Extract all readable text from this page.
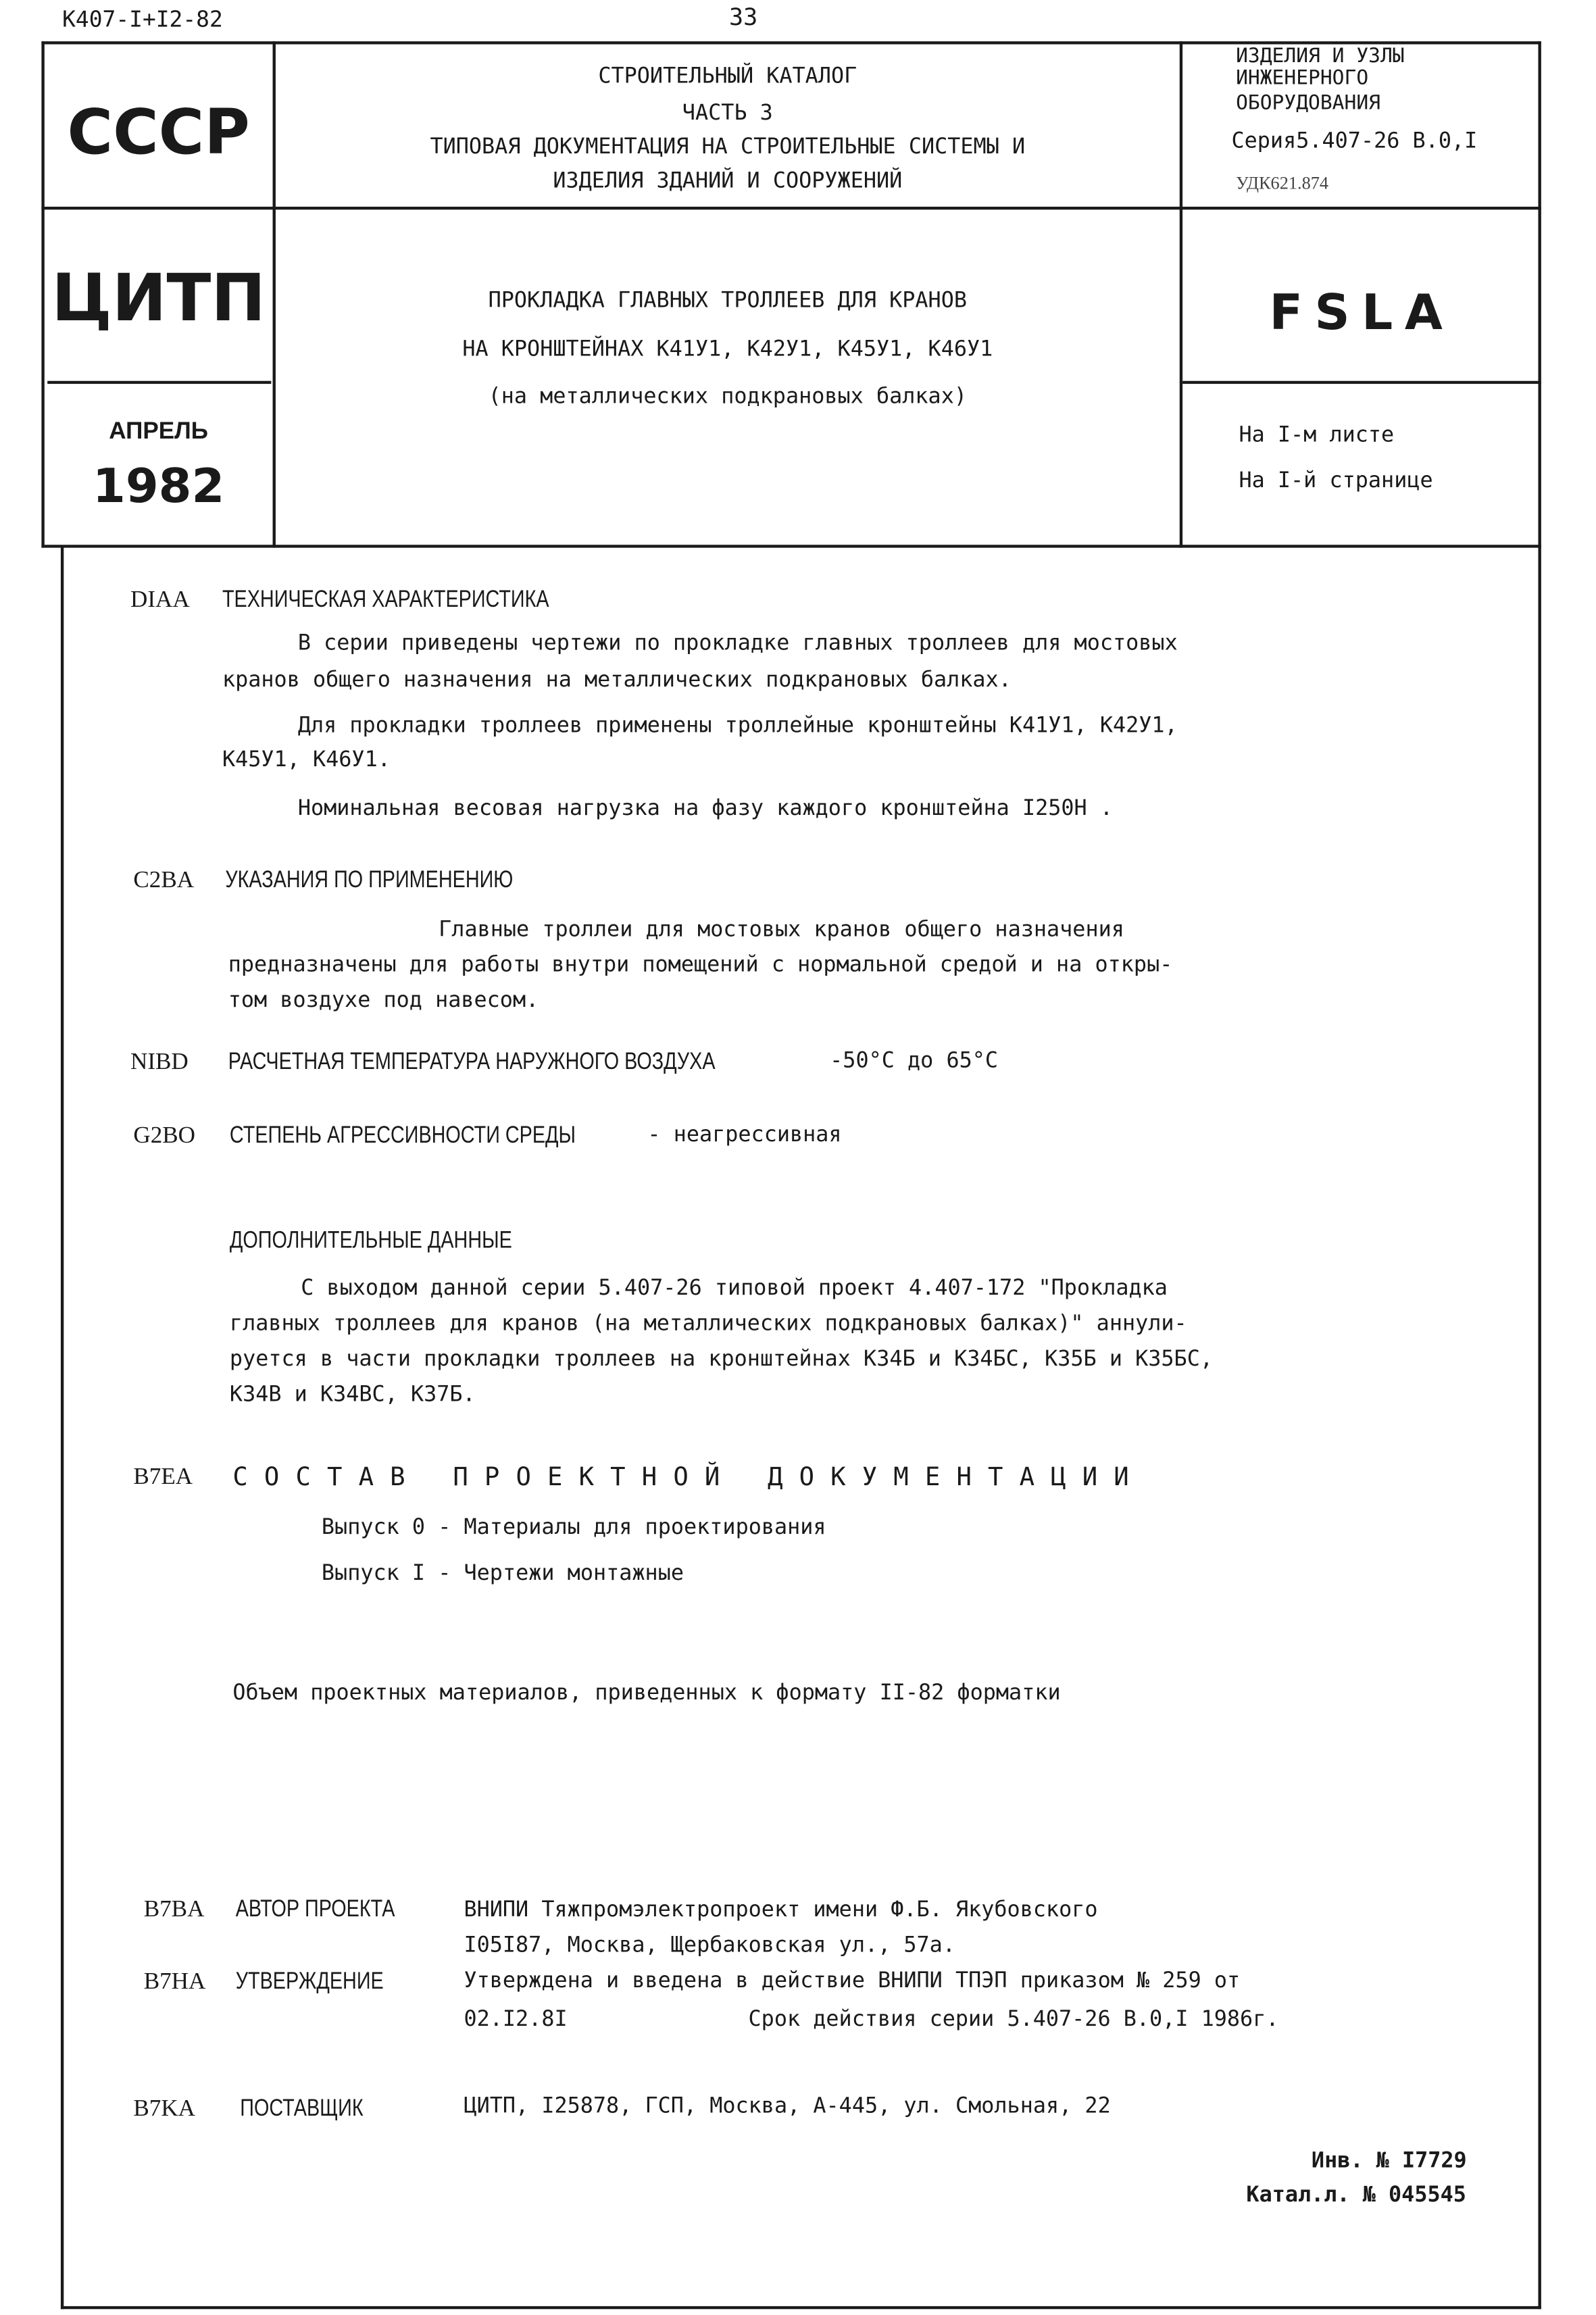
К407-I+I2-82	33
СССР
ЦИТП
АПРЕЛЬ
1982
СТРОИТЕЛЬНЫЙ КАТАЛОГ
ЧАСТЬ 3
ТИПОВАЯ ДОКУМЕНТАЦИЯ НА СТРОИТЕЛЬНЫЕ СИСТЕМЫ И
ИЗДЕЛИЯ ЗДАНИЙ И СООРУЖЕНИЙ
ПРОКЛАДКА ГЛАВНЫХ ТРОЛЛЕЕВ ДЛЯ КРАНОВ
НА КРОНШТЕЙНАХ К41У1, К42У1, К45У1, К46У1
(на металлических подкрановых балках)
ИЗДЕЛИЯ И УЗЛЫ
ИНЖЕНЕРНОГО
ОБОРУДОВАНИЯ
Серия5.407-26 В.0,I
УДК621.874
FSLA
На I-м листе
На I-й странице
DIAA	ТЕХНИЧЕСКАЯ ХАРАКТЕРИСТИКА
В серии приведены чертежи по прокладке главных троллеев для мостовых
кранов общего назначения на металлических подкрановых балках.
Для прокладки троллеев применены троллейные кронштейны К41У1, К42У1,
К45У1, К46У1.
Номинальная весовая нагрузка на фазу каждого кронштейна I250Н .
C2BA	УКАЗАНИЯ ПО ПРИМЕНЕНИЮ
Главные троллеи для мостовых кранов общего назначения
предназначены для работы внутри помещений с нормальной средой и на откры-
том воздухе под навесом.
NIBD	РАСЧЕТНАЯ ТЕМПЕРАТУРА НАРУЖНОГО ВОЗДУХА	-50°С до 65°С
G2BO	СТЕПЕНЬ АГРЕССИВНОСТИ СРЕДЫ	- неагрессивная
ДОПОЛНИТЕЛЬНЫЕ ДАННЫЕ
С выходом данной серии 5.407-26 типовой проект 4.407-172 "Прокладка
главных троллеев для кранов (на металлических подкрановых балках)" аннули-
руется в части прокладки троллеев на кронштейнах К34Б и К34БС, К35Б и К35БС,
К34В и К34ВС, К37Б.
B7EA	СОСТАВ ПРОЕКТНОЙ ДОКУМЕНТАЦИИ
Выпуск 0 - Материалы для проектирования
Выпуск I - Чертежи монтажные
Объем проектных материалов, приведенных к формату II-82 форматки
B7BA	АВТОР ПРОЕКТА	ВНИПИ Тяжпромэлектропроект имени Ф.Б. Якубовского
I05I87, Москва, Щербаковская ул., 57а.
B7HA	УТВЕРЖДЕНИЕ	Утверждена и введена в действие ВНИПИ ТПЭП приказом № 259 от
02.I2.8I	Срок действия серии 5.407-26 В.0,I 1986г.
B7KA	ПОСТАВЩИК	ЦИТП, I25878, ГСП, Москва, А-445, ул. Смольная, 22
Инв. № I7729
Катал.л. № 045545
